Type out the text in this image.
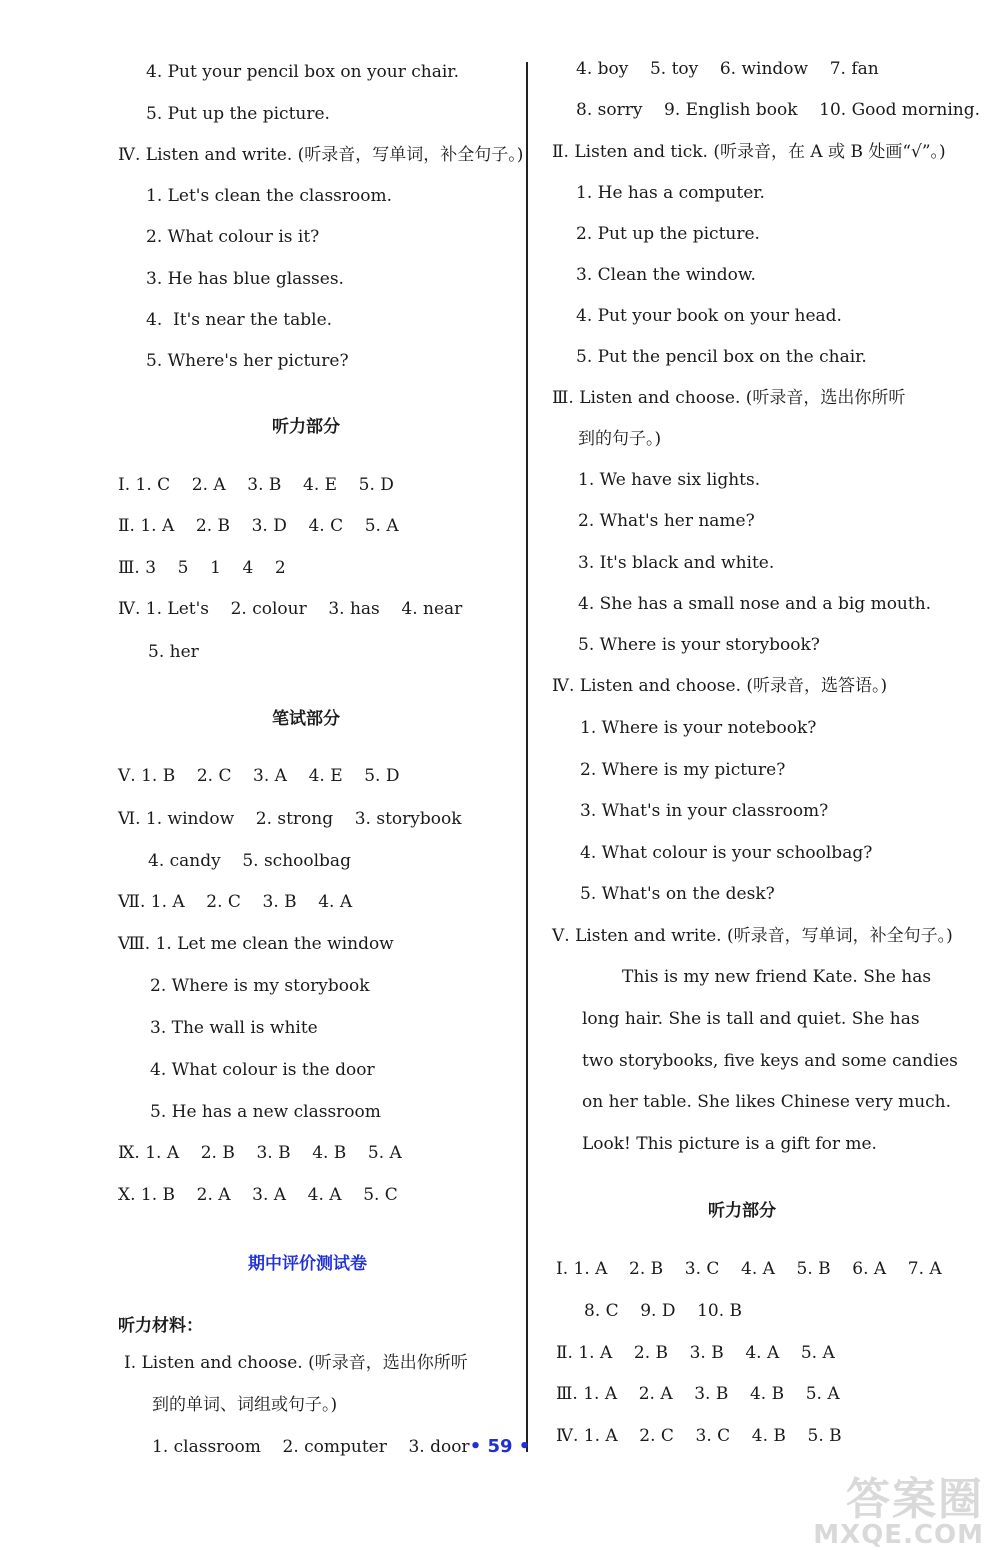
4. Put your pencil box on your chair.
5. Put up the picture.
Ⅳ. Listen and write. (听录音，写单词，补全句子。)
1. Let's clean the classroom.
2. What colour is it?
3. He has blue glasses.
4.  It's near the table.
5. Where's her picture?
听力部分
Ⅰ. 1. C    2. A    3. B    4. E    5. D
Ⅱ. 1. A    2. B    3. D    4. C    5. A
Ⅲ. 3    5    1    4    2
Ⅳ. 1. Let's    2. colour    3. has    4. near
5. her
笔试部分
Ⅴ. 1. B    2. C    3. A    4. E    5. D
Ⅵ. 1. window    2. strong    3. storybook
4. candy    5. schoolbag
Ⅶ. 1. A    2. C    3. B    4. A
Ⅷ. 1. Let me clean the window
2. Where is my storybook
3. The wall is white
4. What colour is the door
5. He has a new classroom
Ⅸ. 1. A    2. B    3. B    4. B    5. A
Ⅹ. 1. B    2. A    3. A    4. A    5. C
期中评价测试卷
听力材料：
Ⅰ. Listen and choose. (听录音，选出你所听
到的单词、词组或句子。)
1. classroom    2. computer    3. door
4. boy    5. toy    6. window    7. fan
8. sorry    9. English book    10. Good morning.
Ⅱ. Listen and tick. (听录音，在 A 或 B 处画“√”。)
1. He has a computer.
2. Put up the picture.
3. Clean the window.
4. Put your book on your head.
5. Put the pencil box on the chair.
Ⅲ. Listen and choose. (听录音，选出你所听
到的句子。)
1. We have six lights.
2. What's her name?
3. It's black and white.
4. She has a small nose and a big mouth.
5. Where is your storybook?
Ⅳ. Listen and choose. (听录音，选答语。)
1. Where is your notebook?
2. Where is my picture?
3. What's in your classroom?
4. What colour is your schoolbag?
5. What's on the desk?
Ⅴ. Listen and write. (听录音，写单词，补全句子。)
This is my new friend Kate. She has
long hair. She is tall and quiet. She has
two storybooks, five keys and some candies
on her table. She likes Chinese very much.
Look! This picture is a gift for me.
听力部分
Ⅰ. 1. A    2. B    3. C    4. A    5. B    6. A    7. A
8. C    9. D    10. B
Ⅱ. 1. A    2. B    3. B    4. A    5. A
Ⅲ. 1. A    2. A    3. B    4. B    5. A
Ⅳ. 1. A    2. C    3. C    4. B    5. B
• 59 •
答案圈
MXQE.COM
